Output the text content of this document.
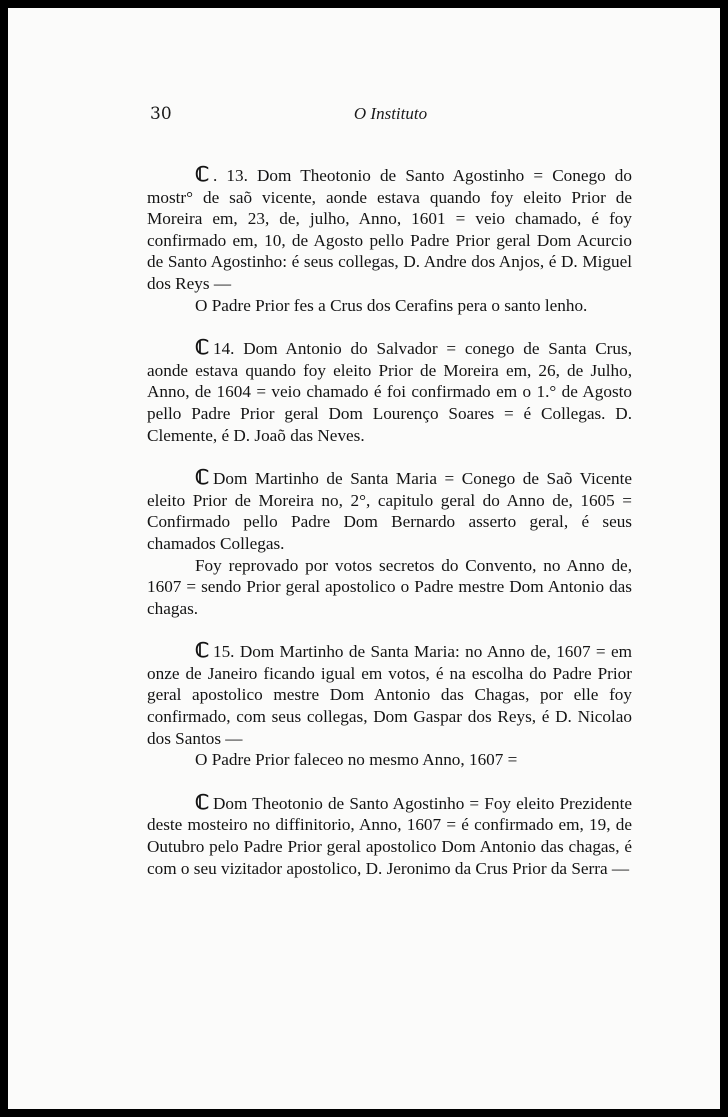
30	O Instituto

ℂ . 13. Dom Theotonio de Santo Agostinho = Conego do mostr° de saõ vicente, aonde estava quando foy eleito Prior de Moreira em, 23, de, julho, Anno, 1601 = veio chamado, é foy confirmado em, 10, de Agosto pello Padre Prior geral Dom Acurcio de Santo Agostinho: é seus collegas, D. Andre dos Anjos, é D. Miguel dos Reys —

O Padre Prior fes a Crus dos Cerafins pera o santo lenho.

ℂ 14. Dom Antonio do Salvador = conego de Santa Crus, aonde estava quando foy eleito Prior de Moreira em, 26, de Julho, Anno, de 1604 = veio chamado é foi confirmado em o 1.° de Agosto pello Padre Prior geral Dom Lourenço Soares = é Collegas. D. Clemente, é D. Joaõ das Neves.

ℂ Dom Martinho de Santa Maria = Conego de Saõ Vicente eleito Prior de Moreira no, 2°, capitulo geral do Anno de, 1605 = Confirmado pello Padre Dom Bernardo asserto geral, é seus chamados Collegas.

Foy reprovado por votos secretos do Convento, no Anno de, 1607 = sendo Prior geral apostolico o Padre mestre Dom Antonio das chagas.

ℂ 15. Dom Martinho de Santa Maria: no Anno de, 1607 = em onze de Janeiro ficando igual em votos, é na escolha do Padre Prior geral apostolico mestre Dom Antonio das Chagas, por elle foy confirmado, com seus collegas, Dom Gaspar dos Reys, é D. Nicolao dos Santos —

O Padre Prior faleceo no mesmo Anno, 1607 =

ℂ Dom Theotonio de Santo Agostinho = Foy eleito Prezidente deste mosteiro no diffinitorio, Anno, 1607 = é confirmado em, 19, de Outubro pelo Padre Prior geral apostolico Dom Antonio das chagas, é com o seu vizitador apostolico, D. Jeronimo da Crus Prior da Serra —
